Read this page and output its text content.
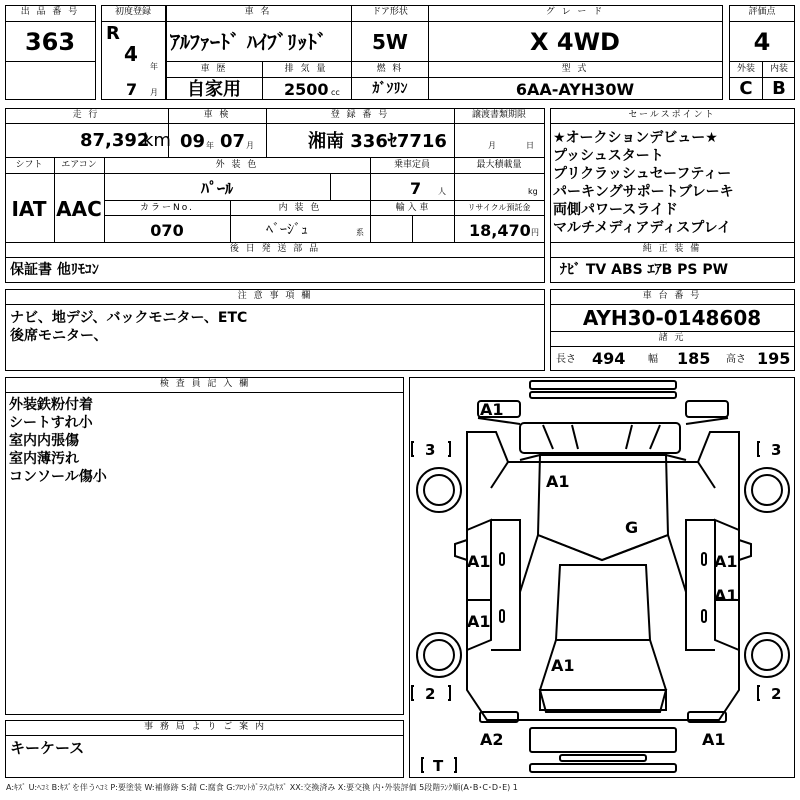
出 品 番 号
363
初度登録
R
4
年
7 月
車 名
ｱﾙﾌｧｰﾄﾞ ﾊｲﾌﾞﾘｯﾄﾞ
ドア形状
5W
グ レ ー ド
X 4WD
車 歴
自家用
排 気 量
2500 cc
燃 料
ｶﾞｿﾘﾝ
型 式
6AA-AYH30W
評価点
4
外装 内装
C B
走 行
87,392
km
車 検
09 年 07 月
登 録 番 号
湘南 336ｾ7716
譲渡書類期限
月	日
シフト
IAT
エアコン
AAC
外 装 色
ﾊﾟｰﾙ
乗車定員
7 人
最大積載量
kg
カラーNo.
070
内 装 色
ﾍﾞｰｼﾞｭ	系
輸 入 車	リサイクル預託金
18,470 円
後 日 発 送 部 品
保証書 他ﾘﾓｺﾝ
セールスポイント
★オークションデビュー★
プッシュスタート
プリクラッシュセーフティー
パーキングサポートブレーキ
両側パワースライド
マルチメディアディスプレイ
純 正 装 備
ﾅﾋﾞ TV ABS ｴｱB PS PW
注 意 事 項 欄
ナビ、地デジ、バックモニター、ETC
後席モニター、
車 台 番 号
AYH30-0148608
諸 元
長さ 494 幅 185 高さ 195
検 査 員 記 入 欄
外装鉄粉付着
シートすれ小
室内内張傷
室内薄汚れ
コンソール傷小
事 務 局 よ り ご 案 内
キーケース
A1
A1
G
A1
A1
A1
A1
A1
A2	A1
3	3
2	2
T
A:ｷｽﾞ U:ﾍｺﾐ B:ｷｽﾞを伴うﾍｺﾐ P:要塗装 W:補修跡 S:錆 C:腐食 G:ﾌﾛﾝﾄｶﾞﾗｽ点ｷｽﾞ XX:交換済み X:要交換 内･外装評価 5段階ﾗﾝｸ順(A･B･C･D･E) 1
